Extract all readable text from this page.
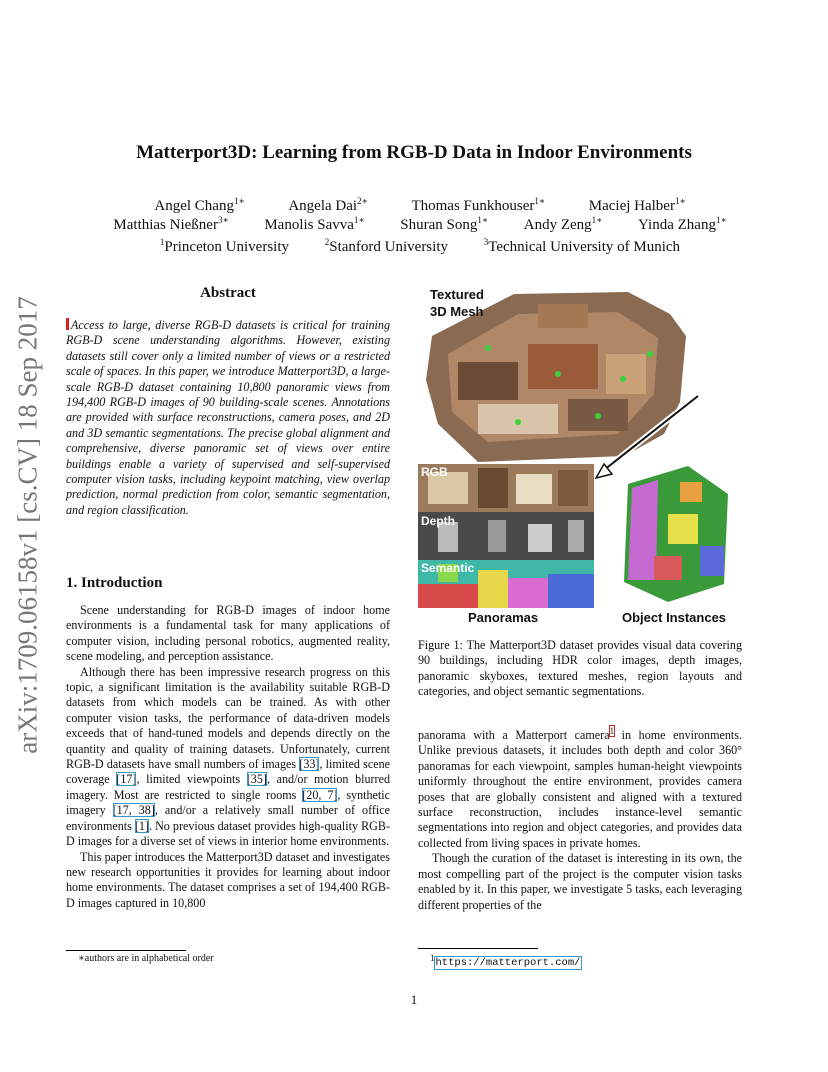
Matterport3D: Learning from RGB-D Data in Indoor Environments
Angel Chang$^{1∗}$	Angela Dai$^{2∗}$	Thomas Funkhouser$^{1∗}$	Maciej Halber$^{1∗}$
Matthias Nießner$^{3∗}$ Manolis Savva$^{1∗}$ Shuran Song$^{1∗}$ Andy Zeng$^{1∗}$ Yinda Zhang$^{1∗}$
$^1$Princeton University	$^2$Stanford University	$^3$Technical University of Munich
arXiv:1709.06158v1 [cs.CV] 18 Sep 2017
Abstract
Access to large, diverse RGB-D datasets is critical for training RGB-D scene understanding algorithms. However, existing datasets still cover only a limited number of views or a restricted scale of spaces. In this paper, we introduce Matterport3D, a large-scale RGB-D dataset containing 10,800 panoramic views from 194,400 RGB-D images of 90 building-scale scenes. Annotations are provided with surface reconstructions, camera poses, and 2D and 3D semantic segmentations. The precise global alignment and comprehensive, diverse panoramic set of views over entire buildings enable a variety of supervised and self-supervised computer vision tasks, including keypoint matching, view overlap prediction, normal prediction from color, semantic segmentation, and region classification.
1. Introduction

Scene understanding for RGB-D images of indoor home environments is a fundamental task for many applications of computer vision, including personal robotics, augmented reality, scene modeling, and perception assistance.

Although there has been impressive research progress on this topic, a significant limitation is the availability suitable RGB-D datasets from which models can be trained. As with other computer vision tasks, the performance of data-driven models exceeds that of hand-tuned models and depends directly on the quantity and quality of training datasets. Unfortunately, current RGB-D datasets have small numbers of images [33], limited scene coverage [17], limited viewpoints [35], and/or motion blurred imagery. Most are restricted to single rooms [20, 7], synthetic imagery [17, 38], and/or a relatively small number of office environments [1]. No previous dataset provides high-quality RGB-D images for a diverse set of views in interior home environments.

This paper introduces the Matterport3D dataset and investigates new research opportunities it provides for learning about indoor home environments. The dataset comprises a set of 194,400 RGB-D images captured in 10,800

∗authors are in alphabetical order
Textured
3D Mesh
RGB
Depth
Semantic
Panoramas	Object Instances
Figure 1: The Matterport3D dataset provides visual data covering 90 buildings, including HDR color images, depth images, panoramic skyboxes, textured meshes, region layouts and categories, and object semantic segmentations.

panorama with a Matterport camera$^1$ in home environments. Unlike previous datasets, it includes both depth and color 360° panoramas for each viewpoint, samples human-height viewpoints uniformly throughout the entire environment, provides camera poses that are globally consistent and aligned with a textured surface reconstruction, includes instance-level semantic segmentations into region and object categories, and provides data collected from living spaces in private homes.

Though the curation of the dataset is interesting in its own, the most compelling part of the project is the computer vision tasks enabled by it. In this paper, we investigate 5 tasks, each leveraging different properties of the

$^1$https://matterport.com/
1
